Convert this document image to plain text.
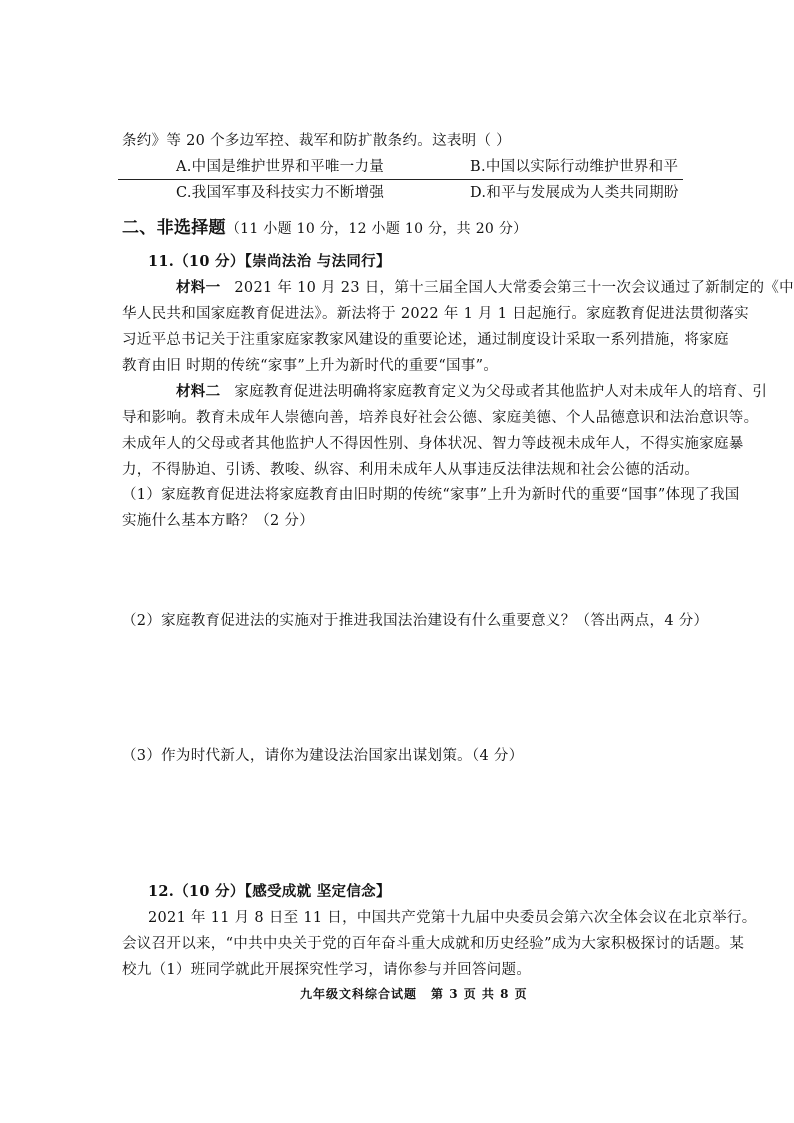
条约》等 20 个多边军控、裁军和防扩散条约。这表明（ ）
A.中国是维护世界和平唯一力量	B.中国以实际行动维护世界和平
C.我国军事及科技实力不断增强	D.和平与发展成为人类共同期盼
二、非选择题（11 小题 10 分，12 小题 10 分，共 20 分）
11.（10 分）【崇尚法治 与法同行】
材料一 2021 年 10 月 23 日，第十三届全国人大常委会第三十一次会议通过了新制定的《中
华人民共和国家庭教育促进法》。新法将于 2022 年 1 月 1 日起施行。家庭教育促进法贯彻落实
习近平总书记关于注重家庭家教家风建设的重要论述，通过制度设计采取一系列措施，将家庭
教育由旧 时期的传统“家事”上升为新时代的重要“国事”。
材料二 家庭教育促进法明确将家庭教育定义为父母或者其他监护人对未成年人的培育、引
导和影响。教育未成年人崇德向善，培养良好社会公德、家庭美德、个人品德意识和法治意识等。
未成年人的父母或者其他监护人不得因性别、身体状况、智力等歧视未成年人，不得实施家庭暴
力，不得胁迫、引诱、教唆、纵容、利用未成年人从事违反法律法规和社会公德的活动。
（1）家庭教育促进法将家庭教育由旧时期的传统“家事”上升为新时代的重要“国事”体现了我国
实施什么基本方略？（2 分）
（2）家庭教育促进法的实施对于推进我国法治建设有什么重要意义？（答出两点，4 分）
（3）作为时代新人，请你为建设法治国家出谋划策。（4 分）
12.（10 分）【感受成就 坚定信念】
2021 年 11 月 8 日至 11 日，中国共产党第十九届中央委员会第六次全体会议在北京举行。
会议召开以来，“中共中央关于党的百年奋斗重大成就和历史经验”成为大家积极探讨的话题。某
校九（1）班同学就此开展探究性学习，请你参与并回答问题。
九年级文科综合试题 第 3 页 共 8 页
